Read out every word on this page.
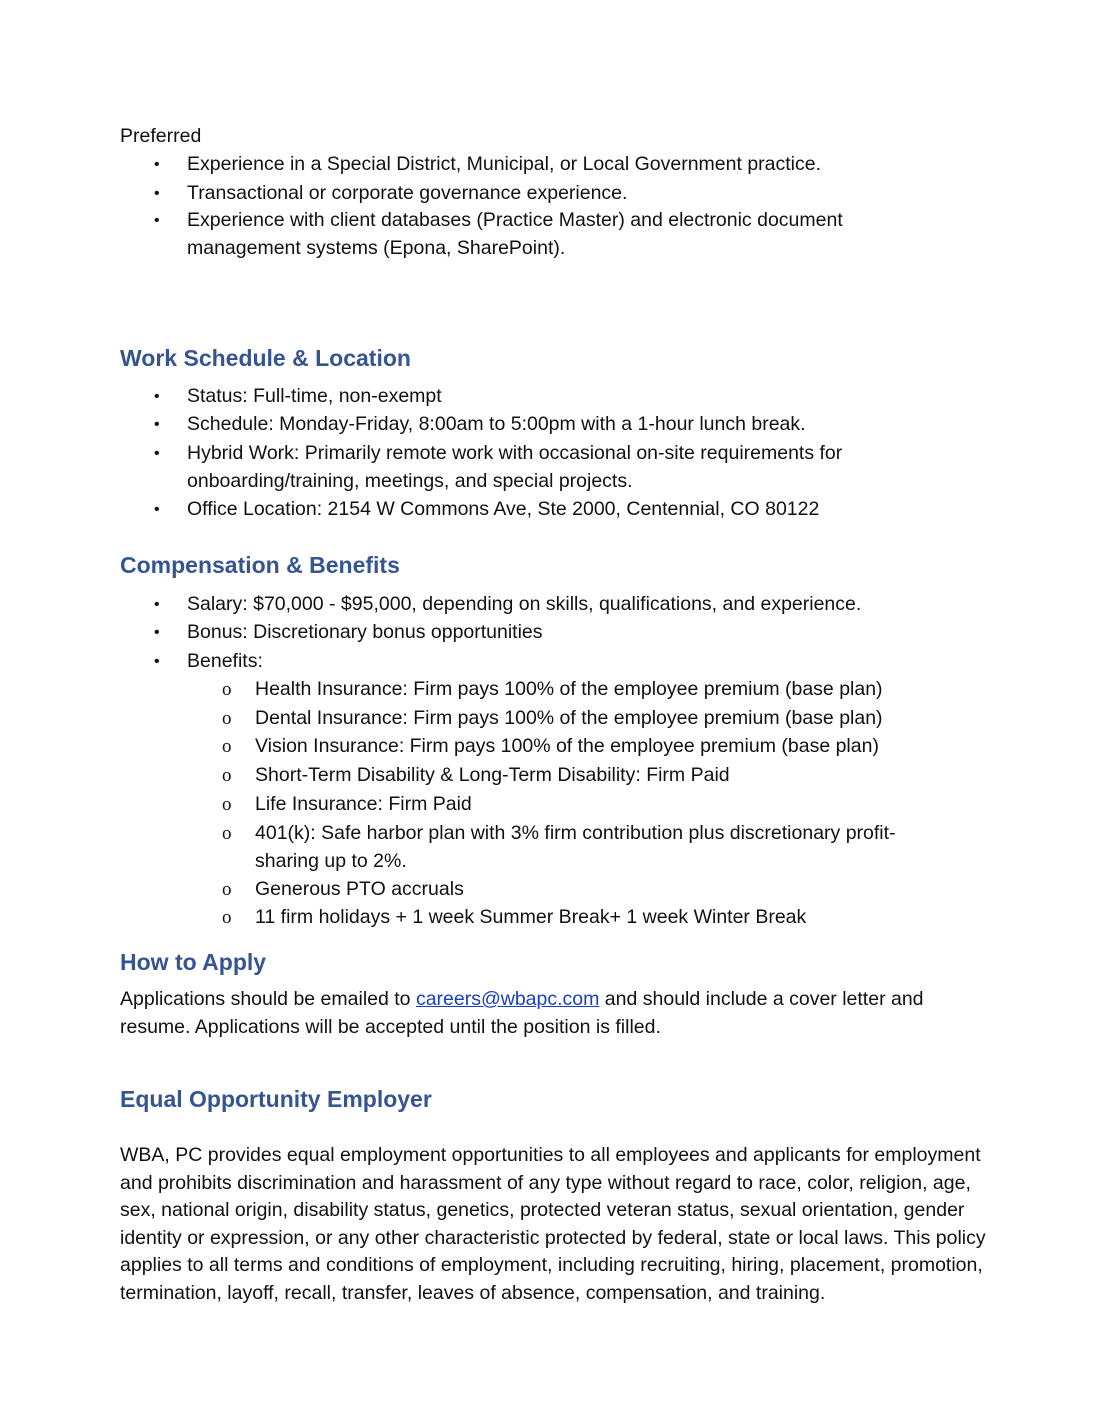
Preferred
• Experience in a Special District, Municipal, or Local Government practice.
• Transactional or corporate governance experience.
• Experience with client databases (Practice Master) and electronic document management systems (Epona, SharePoint).
Work Schedule & Location
• Status: Full-time, non-exempt
• Schedule: Monday-Friday, 8:00am to 5:00pm with a 1-hour lunch break.
• Hybrid Work: Primarily remote work with occasional on-site requirements for onboarding/training, meetings, and special projects.
• Office Location: 2154 W Commons Ave, Ste 2000, Centennial, CO 80122
Compensation & Benefits
• Salary: $70,000 - $95,000, depending on skills, qualifications, and experience.
• Bonus: Discretionary bonus opportunities
• Benefits:
o Health Insurance: Firm pays 100% of the employee premium (base plan)
o Dental Insurance: Firm pays 100% of the employee premium (base plan)
o Vision Insurance: Firm pays 100% of the employee premium (base plan)
o Short-Term Disability & Long-Term Disability: Firm Paid
o Life Insurance: Firm Paid
o 401(k): Safe harbor plan with 3% firm contribution plus discretionary profit-sharing up to 2%.
o Generous PTO accruals
o 11 firm holidays + 1 week Summer Break+ 1 week Winter Break
How to Apply
Applications should be emailed to careers@wbapc.com and should include a cover letter and resume. Applications will be accepted until the position is filled.
Equal Opportunity Employer
WBA, PC provides equal employment opportunities to all employees and applicants for employment and prohibits discrimination and harassment of any type without regard to race, color, religion, age, sex, national origin, disability status, genetics, protected veteran status, sexual orientation, gender identity or expression, or any other characteristic protected by federal, state or local laws. This policy applies to all terms and conditions of employment, including recruiting, hiring, placement, promotion, termination, layoff, recall, transfer, leaves of absence, compensation, and training.
